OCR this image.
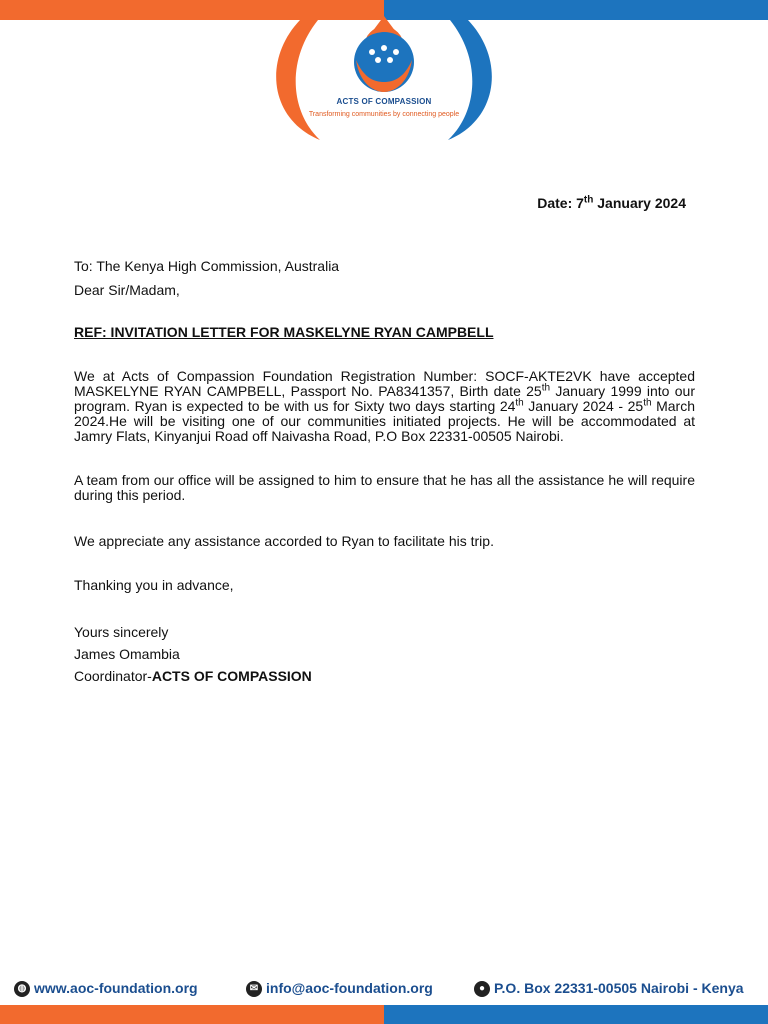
ACTS OF COMPASSION
Transforming communities by connecting people
Date: 7th January 2024
To: The Kenya High Commission, Australia
Dear Sir/Madam,
REF: INVITATION LETTER FOR MASKELYNE RYAN CAMPBELL
We at Acts of Compassion Foundation Registration Number: SOCF-AKTE2VK have accepted MASKELYNE RYAN CAMPBELL, Passport No. PA8341357, Birth date 25th January 1999 into our program. Ryan is expected to be with us for Sixty two days starting 24th January 2024 - 25th March 2024.He will be visiting one of our communities initiated projects. He will be accommodated at Jamry Flats, Kinyanjui Road off Naivasha Road, P.O Box 22331-00505 Nairobi.
A team from our office will be assigned to him to ensure that he has all the assistance he will require during this period.
We appreciate any assistance accorded to Ryan to facilitate his trip.
Thanking you in advance,
Yours sincerely
James Omambia
Coordinator-ACTS OF COMPASSION
◍ www.aoc-foundation.org	✉ info@aoc-foundation.org	● P.O. Box 22331-00505 Nairobi - Kenya
